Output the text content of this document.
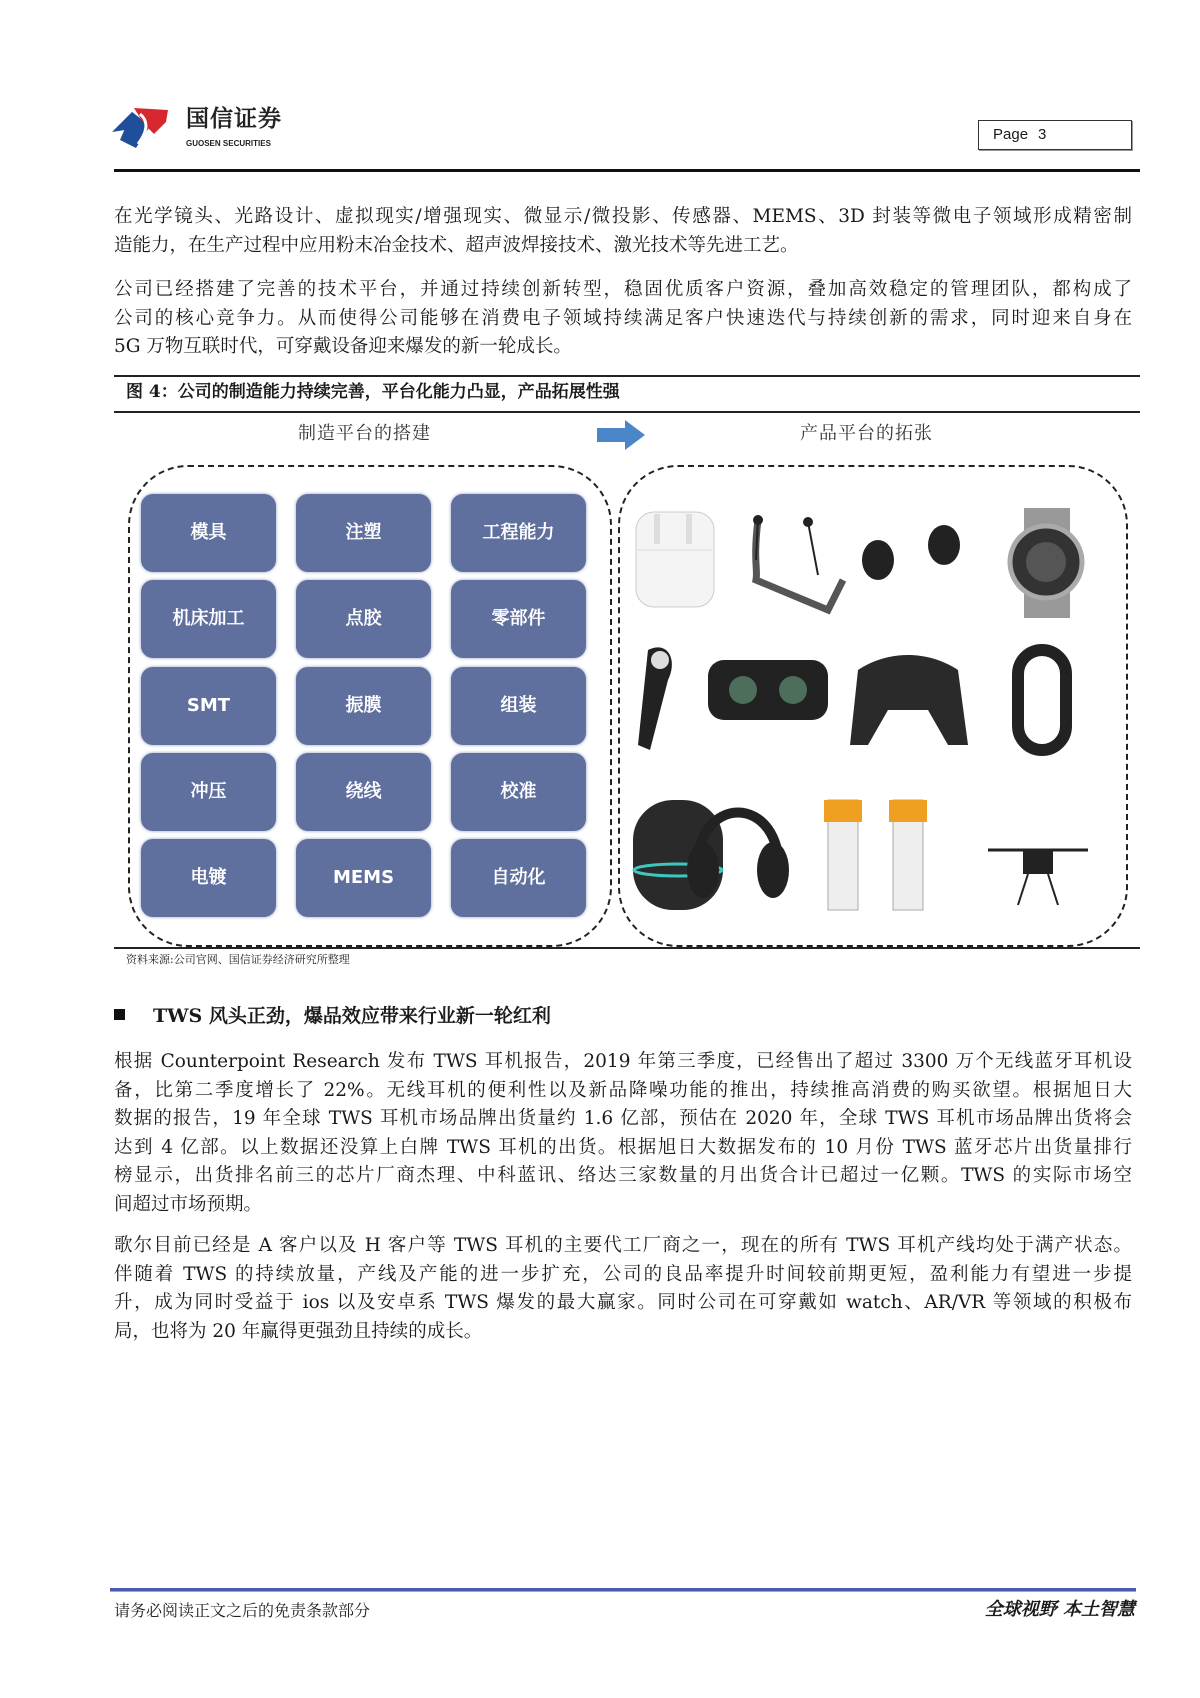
国信证券
GUOSEN SECURITIES
Page 3
在光学镜头、光路设计、虚拟现实/增强现实、微显示/微投影、传感器、MEMS、3D 封装等微电子领域形成精密制
造能力，在生产过程中应用粉末冶金技术、超声波焊接技术、激光技术等先进工艺。
公司已经搭建了完善的技术平台，并通过持续创新转型，稳固优质客户资源，叠加高效稳定的管理团队，都构成了
公司的核心竞争力。从而使得公司能够在消费电子领域持续满足客户快速迭代与持续创新的需求，同时迎来自身在
5G 万物互联时代，可穿戴设备迎来爆发的新一轮成长。
图 4：公司的制造能力持续完善，平台化能力凸显，产品拓展性强
制造平台的搭建	产品平台的拓张
模具	注塑	工程能力
机床加工	点胶	零部件
SMT	振膜	组装
冲压	绕线	校准
电镀	MEMS	自动化
资料来源:公司官网、国信证券经济研究所整理
TWS 风头正劲，爆品效应带来行业新一轮红利
根据 Counterpoint Research 发布 TWS 耳机报告，2019 年第三季度，已经售出了超过 3300 万个无线蓝牙耳机设
备，比第二季度增长了 22%。无线耳机的便利性以及新品降噪功能的推出，持续推高消费的购买欲望。根据旭日大
数据的报告，19 年全球 TWS 耳机市场品牌出货量约 1.6 亿部，预估在 2020 年，全球 TWS 耳机市场品牌出货将会
达到 4 亿部。以上数据还没算上白牌 TWS 耳机的出货。根据旭日大数据发布的 10 月份 TWS 蓝牙芯片出货量排行
榜显示，出货排名前三的芯片厂商杰理、中科蓝讯、络达三家数量的月出货合计已超过一亿颗。TWS 的实际市场空
间超过市场预期。
歌尔目前已经是 A 客户以及 H 客户等 TWS 耳机的主要代工厂商之一，现在的所有 TWS 耳机产线均处于满产状态。
伴随着 TWS 的持续放量，产线及产能的进一步扩充，公司的良品率提升时间较前期更短，盈利能力有望进一步提
升，成为同时受益于 ios 以及安卓系 TWS 爆发的最大赢家。同时公司在可穿戴如 watch、AR/VR 等领域的积极布
局，也将为 20 年赢得更强劲且持续的成长。
请务必阅读正文之后的免责条款部分	全球视野 本土智慧
